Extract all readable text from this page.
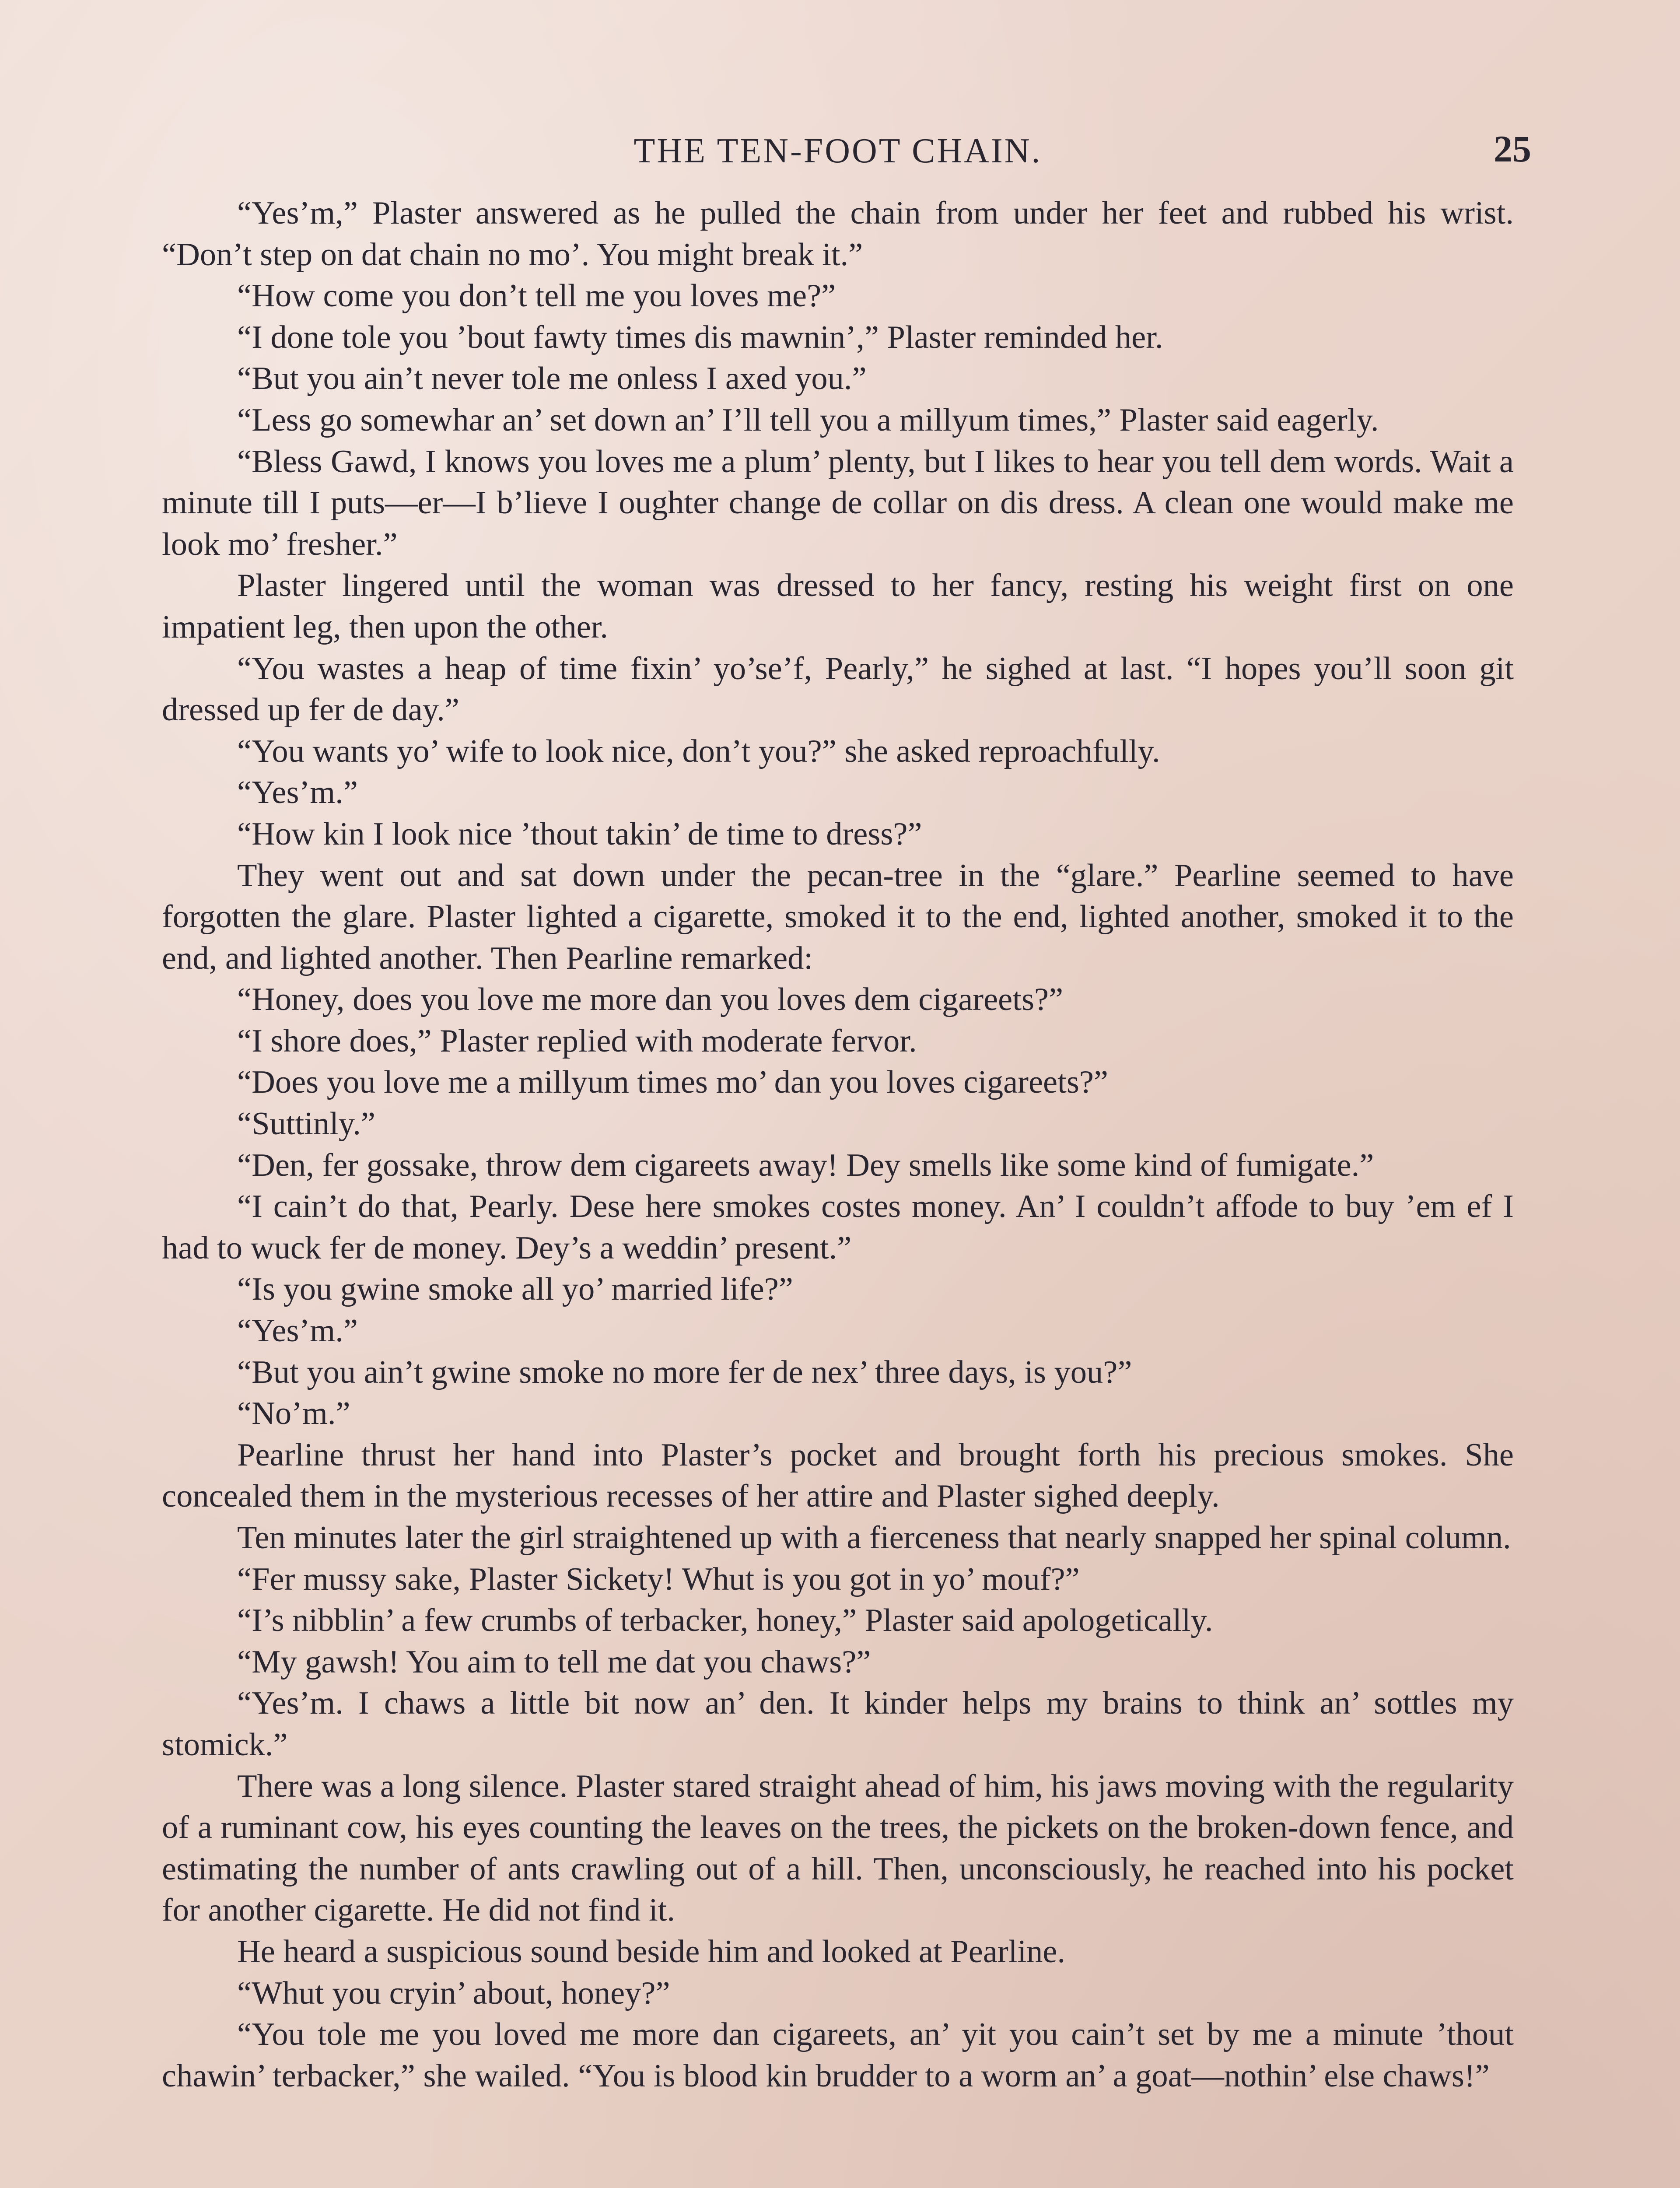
THE TEN-FOOT CHAIN.	25

“Yes’m,” Plaster answered as he pulled the chain from under her feet and rubbed his wrist. “Don’t step on dat chain no mo’. You might break it.”

“How come you don’t tell me you loves me?”

“I done tole you ’bout fawty times dis mawnin’,” Plaster reminded her.

“But you ain’t never tole me onless I axed you.”

“Less go somewhar an’ set down an’ I’ll tell you a millyum times,” Plaster said eagerly.

“Bless Gawd, I knows you loves me a plum’ plenty, but I likes to hear you tell dem words. Wait a minute till I puts—er—I b’lieve I oughter change de collar on dis dress. A clean one would make me look mo’ fresher.”

Plaster lingered until the woman was dressed to her fancy, resting his weight first on one impatient leg, then upon the other.

“You wastes a heap of time fixin’ yo’se’f, Pearly,” he sighed at last. “I hopes you’ll soon git dressed up fer de day.”

“You wants yo’ wife to look nice, don’t you?” she asked reproachfully.

“Yes’m.”

“How kin I look nice ’thout takin’ de time to dress?”

They went out and sat down under the pecan-tree in the “glare.” Pearline seemed to have forgotten the glare. Plaster lighted a cigarette, smoked it to the end, lighted another, smoked it to the end, and lighted another. Then Pearline remarked:

“Honey, does you love me more dan you loves dem cigareets?”

“I shore does,” Plaster replied with moderate fervor.

“Does you love me a millyum times mo’ dan you loves cigareets?”

“Suttinly.”

“Den, fer gossake, throw dem cigareets away! Dey smells like some kind of fumigate.”

“I cain’t do that, Pearly. Dese here smokes costes money. An’ I couldn’t affode to buy ’em ef I had to wuck fer de money. Dey’s a weddin’ present.”

“Is you gwine smoke all yo’ married life?”

“Yes’m.”

“But you ain’t gwine smoke no more fer de nex’ three days, is you?”

“No’m.”

Pearline thrust her hand into Plaster’s pocket and brought forth his precious smokes. She concealed them in the mysterious recesses of her attire and Plaster sighed deeply.

Ten minutes later the girl straightened up with a fierceness that nearly snapped her spinal column.

“Fer mussy sake, Plaster Sickety! Whut is you got in yo’ mouf?”

“I’s nibblin’ a few crumbs of terbacker, honey,” Plaster said apologetically.

“My gawsh! You aim to tell me dat you chaws?”

“Yes’m. I chaws a little bit now an’ den. It kinder helps my brains to think an’ sottles my stomick.”

There was a long silence. Plaster stared straight ahead of him, his jaws moving with the regularity of a ruminant cow, his eyes counting the leaves on the trees, the pickets on the broken-down fence, and estimating the number of ants crawling out of a hill. Then, unconsciously, he reached into his pocket for another cigarette. He did not find it.

He heard a suspicious sound beside him and looked at Pearline.

“Whut you cryin’ about, honey?”

“You tole me you loved me more dan cigareets, an’ yit you cain’t set by me a minute ’thout chawin’ terbacker,” she wailed. “You is blood kin brudder to a worm an’ a goat—nothin’ else chaws!”
